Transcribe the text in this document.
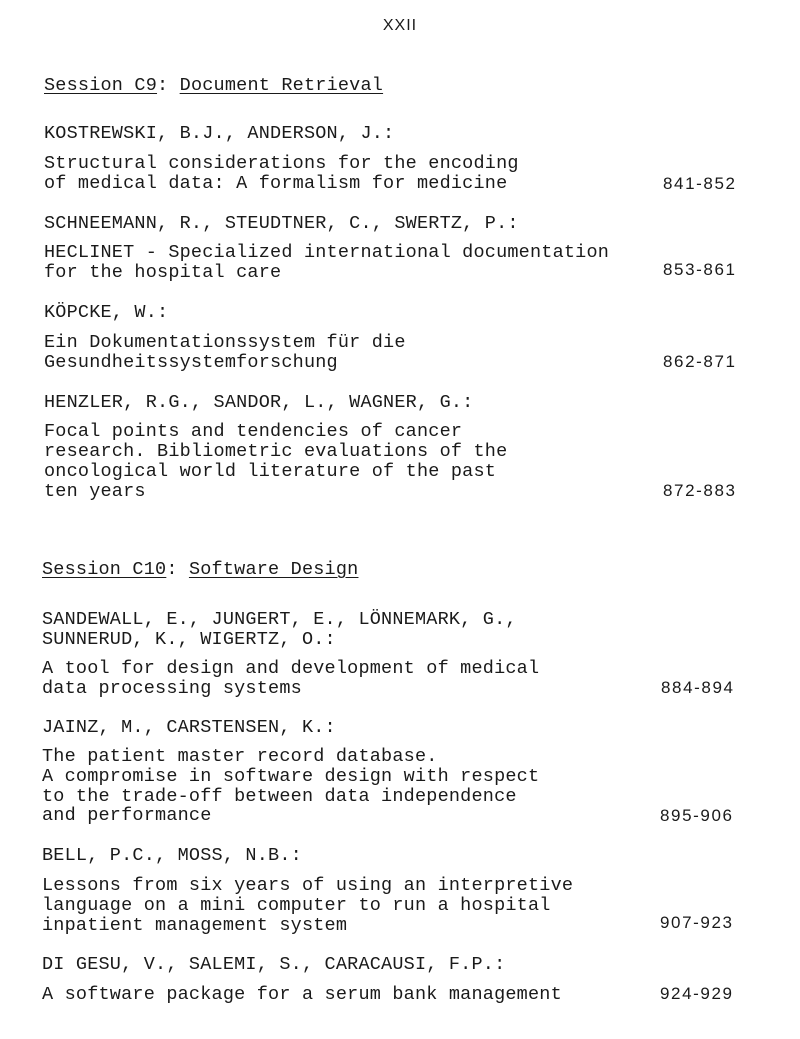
XXII
Session C9: Document Retrieval
KOSTREWSKI, B.J., ANDERSON, J.:
Structural considerations for the encoding
of medical data: A formalism for medicine	841-852
SCHNEEMANN, R., STEUDTNER, C., SWERTZ, P.:
HECLINET - Specialized international documentation
for the hospital care	853-861
KÖPCKE, W.:
Ein Dokumentationssystem für die
Gesundheitssystemforschung	862-871
HENZLER, R.G., SANDOR, L., WAGNER, G.:
Focal points and tendencies of cancer
research. Bibliometric evaluations of the
oncological world literature of the past
ten years	872-883
Session C10: Software Design
SANDEWALL, E., JUNGERT, E., LÖNNEMARK, G.,
SUNNERUD, K., WIGERTZ, O.:
A tool for design and development of medical
data processing systems	884-894
JAINZ, M., CARSTENSEN, K.:
The patient master record database.
A compromise in software design with respect
to the trade-off between data independence
and performance	895-906
BELL, P.C., MOSS, N.B.:
Lessons from six years of using an interpretive
language on a mini computer to run a hospital
inpatient management system	907-923
DI GESU, V., SALEMI, S., CARACAUSI, F.P.:
A software package for a serum bank management	924-929
